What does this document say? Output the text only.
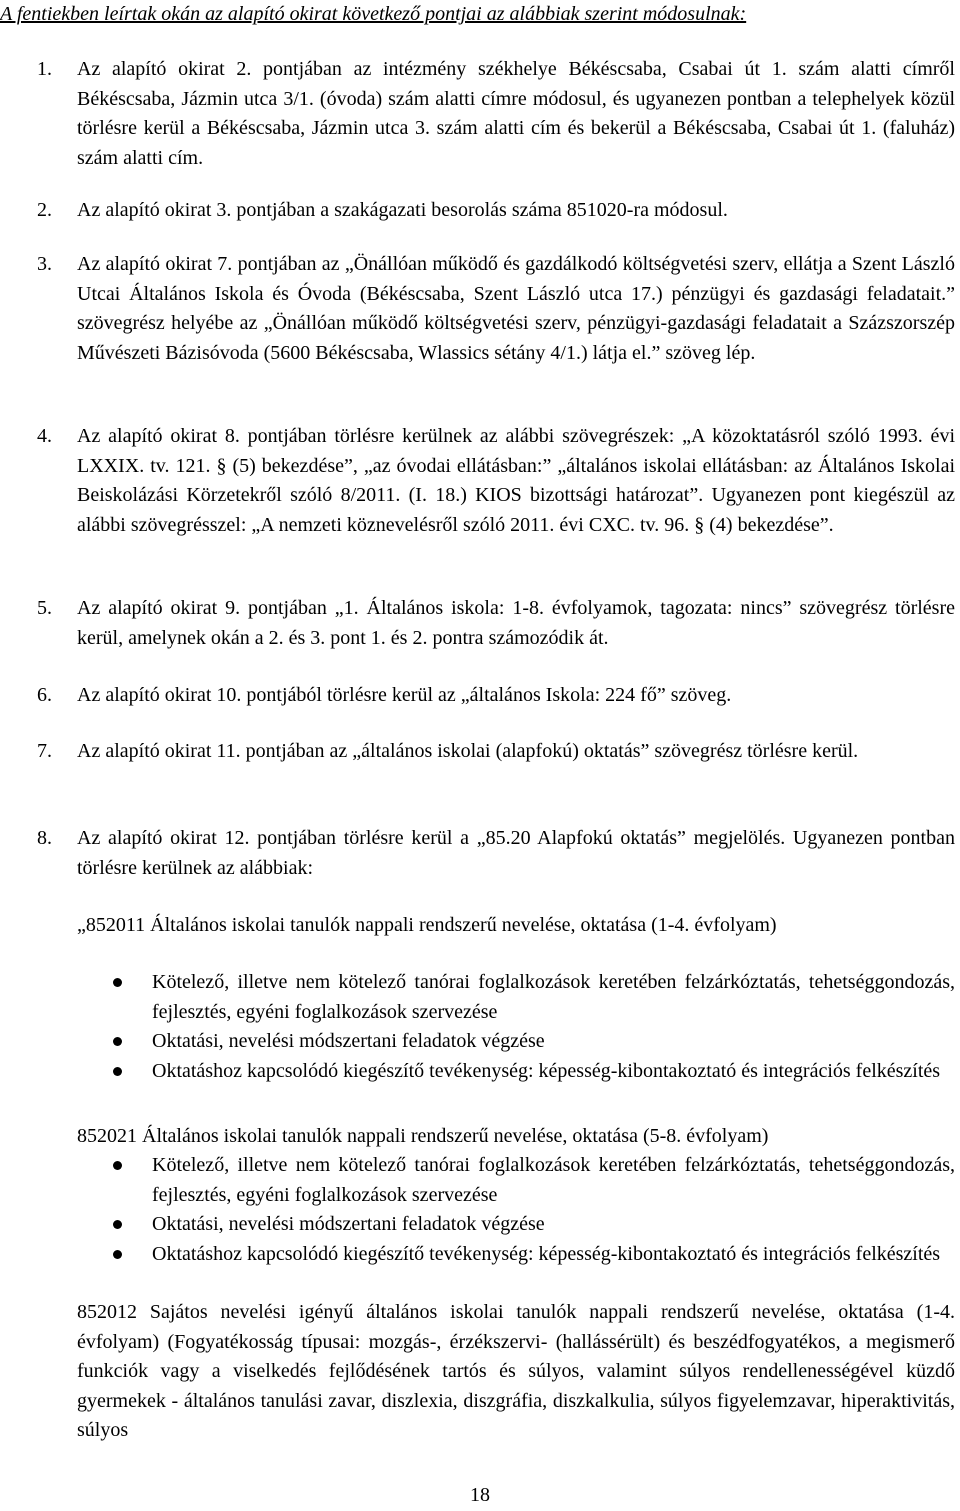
A fentiekben leírtak okán az alapító okirat következő pontjai az alábbiak szerint módosulnak:

1. Az alapító okirat 2. pontjában az intézmény székhelye Békéscsaba, Csabai út 1. szám alatti címről Békéscsaba, Jázmin utca 3/1. (óvoda) szám alatti címre módosul, és ugyanezen pontban a telephelyek közül törlésre kerül a Békéscsaba, Jázmin utca 3. szám alatti cím és bekerül a Békéscsaba, Csabai út 1. (faluház) szám alatti cím.
2. Az alapító okirat 3. pontjában a szakágazati besorolás száma 851020-ra módosul.
3. Az alapító okirat 7. pontjában az „Önállóan működő és gazdálkodó költségvetési szerv, ellátja a Szent László Utcai Általános Iskola és Óvoda (Békéscsaba, Szent László utca 17.) pénzügyi és gazdasági feladatait.” szövegrész helyébe az „Önállóan működő költségvetési szerv, pénzügyi-gazdasági feladatait a Százszorszép Művészeti Bázisóvoda (5600 Békéscsaba, Wlassics sétány 4/1.) látja el.” szöveg lép.
4. Az alapító okirat 8. pontjában törlésre kerülnek az alábbi szövegrészek: „A közoktatásról szóló 1993. évi LXXIX. tv. 121. § (5) bekezdése”, „az óvodai ellátásban:” „általános iskolai ellátásban: az Általános Iskolai Beiskolázási Körzetekről szóló 8/2011. (I. 18.) KIOS bizottsági határozat”. Ugyanezen pont kiegészül az alábbi szövegrésszel: „A nemzeti köznevelésről szóló 2011. évi CXC. tv. 96. § (4) bekezdése”.
5. Az alapító okirat 9. pontjában „1. Általános iskola: 1-8. évfolyamok, tagozata: nincs” szövegrész törlésre kerül, amelynek okán a 2. és 3. pont 1. és 2. pontra számozódik át.
6. Az alapító okirat 10. pontjából törlésre kerül az „általános Iskola: 224 fő” szöveg.
7. Az alapító okirat 11. pontjában az „általános iskolai (alapfokú) oktatás” szövegrész törlésre kerül.
8. Az alapító okirat 12. pontjában törlésre kerül a „85.20 Alapfokú oktatás” megjelölés. Ugyanezen pontban törlésre kerülnek az alábbiak:
„852011 Általános iskolai tanulók nappali rendszerű nevelése, oktatása (1-4. évfolyam)
Kötelező, illetve nem kötelező tanórai foglalkozások keretében felzárkóztatás, tehetséggondozás, fejlesztés, egyéni foglalkozások szervezése
Oktatási, nevelési módszertani feladatok végzése
Oktatáshoz kapcsolódó kiegészítő tevékenység: képesség-kibontakoztató és integrációs felkészítés
852021 Általános iskolai tanulók nappali rendszerű nevelése, oktatása (5-8. évfolyam)
Kötelező, illetve nem kötelező tanórai foglalkozások keretében felzárkóztatás, tehetséggondozás, fejlesztés, egyéni foglalkozások szervezése
Oktatási, nevelési módszertani feladatok végzése
Oktatáshoz kapcsolódó kiegészítő tevékenység: képesség-kibontakoztató és integrációs felkészítés
852012 Sajátos nevelési igényű általános iskolai tanulók nappali rendszerű nevelése, oktatása (1-4. évfolyam) (Fogyatékosság típusai: mozgás-, érzékszervi- (hallássérült) és beszédfogyatékos, a megismerő funkciók vagy a viselkedés fejlődésének tartós és súlyos, valamint súlyos rendellenességével küzdő gyermekek - általános tanulási zavar, diszlexia, diszgráfia, diszkalkulia, súlyos figyelemzavar, hiperaktivitás, súlyos
18
